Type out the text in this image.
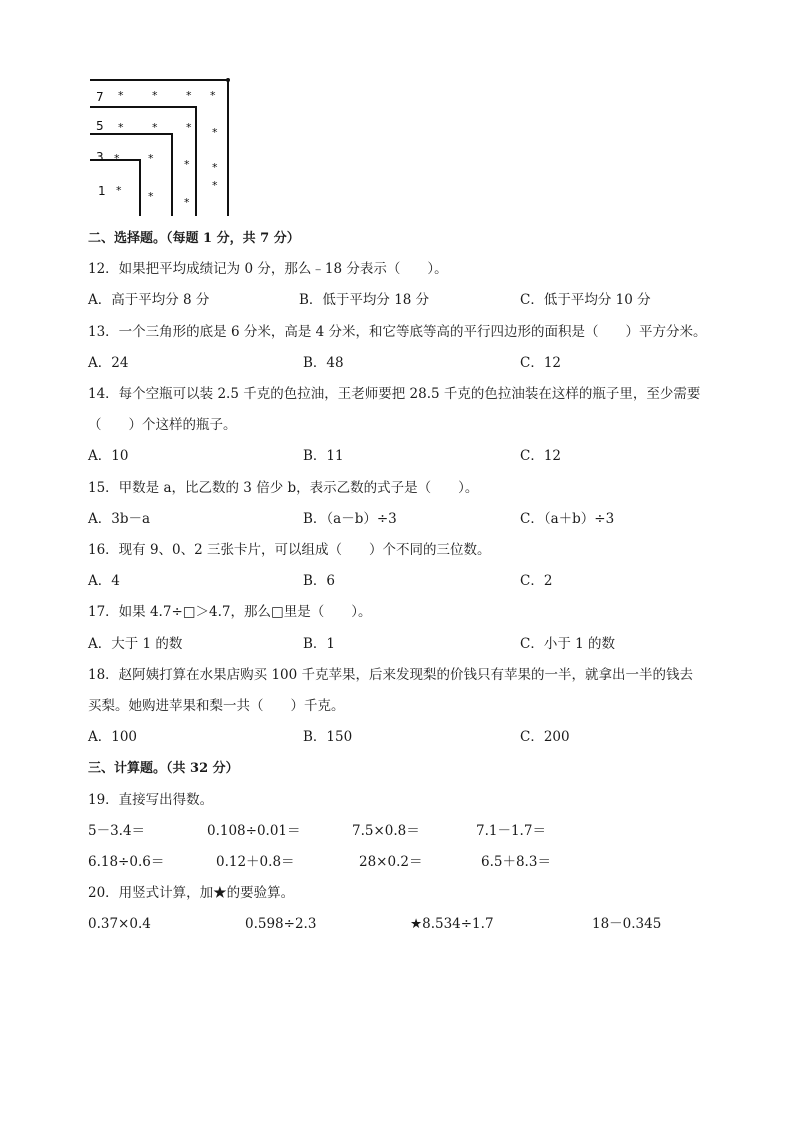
7
5
3
1
*	*	* *
*
*
*
*	*	*
*
*
*	*
*
*
二、选择题。（每题 1 分，共 7 分）
12．如果把平均成绩记为 0 分，那么﹣18 分表示（　　）。
A．高于平均分 8 分	B．低于平均分 18 分	C．低于平均分 10 分
13．一个三角形的底是 6 分米，高是 4 分米，和它等底等高的平行四边形的面积是（　　）平方分米。
A．24	B．48	C．12
14．每个空瓶可以装 2.5 千克的色拉油，王老师要把 28.5 千克的色拉油装在这样的瓶子里，至少需要
（　　）个这样的瓶子。
A．10	B．11	C．12
15．甲数是 a，比乙数的 3 倍少 b，表示乙数的式子是（　　）。
A．3b－a	B．（a－b）÷3	C．（a＋b）÷3
16．现有 9、0、2 三张卡片，可以组成（　　）个不同的三位数。
A．4	B．6	C．2
17．如果 4.7÷□＞4.7，那么□里是（　　）。
A．大于 1 的数	B．1	C．小于 1 的数
18．赵阿姨打算在水果店购买 100 千克苹果，后来发现梨的价钱只有苹果的一半，就拿出一半的钱去
买梨。她购进苹果和梨一共（　　）千克。
A．100	B．150	C．200
三、计算题。（共 32 分）
19．直接写出得数。
5－3.4＝	0.108÷0.01＝	7.5×0.8＝	7.1－1.7＝
6.18÷0.6＝	0.12＋0.8＝	28×0.2＝	6.5＋8.3＝
20．用竖式计算，加★的要验算。
0.37×0.4	0.598÷2.3	★8.534÷1.7	18－0.345
